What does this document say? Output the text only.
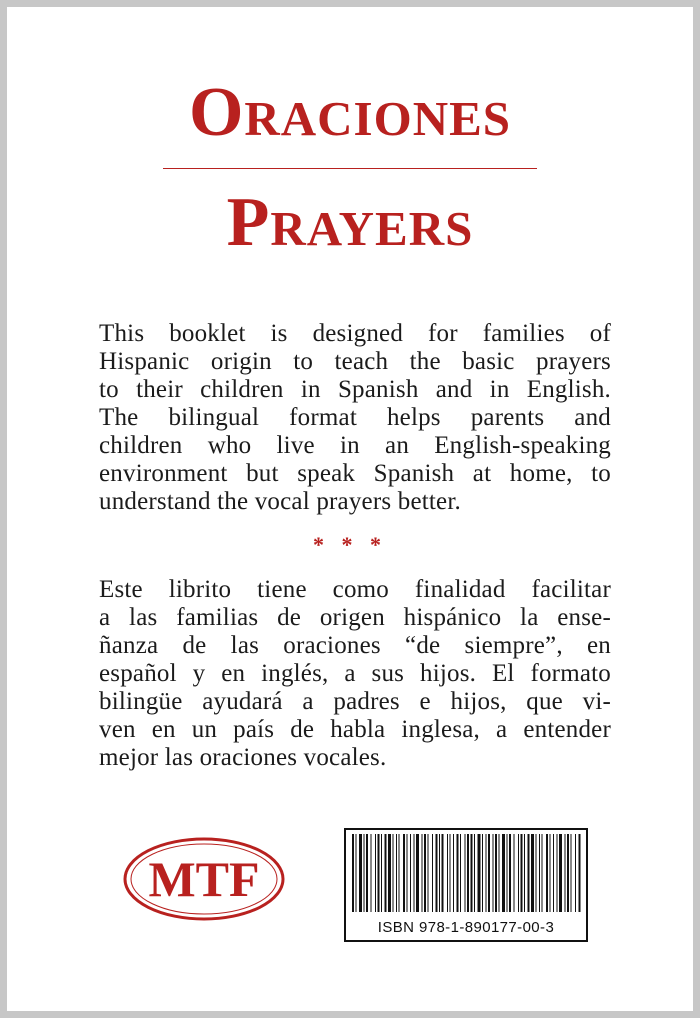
Oraciones
Prayers

This booklet is designed for families of
Hispanic origin to teach the basic prayers
to their children in Spanish and in English.
The bilingual format helps parents and
children who live in an English-speaking
environment but speak Spanish at home, to
understand the vocal prayers better.

* * *

Este librito tiene como finalidad facilitar
a las familias de origen hispánico la ense-
ñanza de las oraciones “de siempre”, en
español y en inglés, a sus hijos. El formato
bilingüe ayudará a padres e hijos, que vi-
ven en un país de habla inglesa, a entender
mejor las oraciones vocales.

MTF
ISBN 978-1-890177-00-3
